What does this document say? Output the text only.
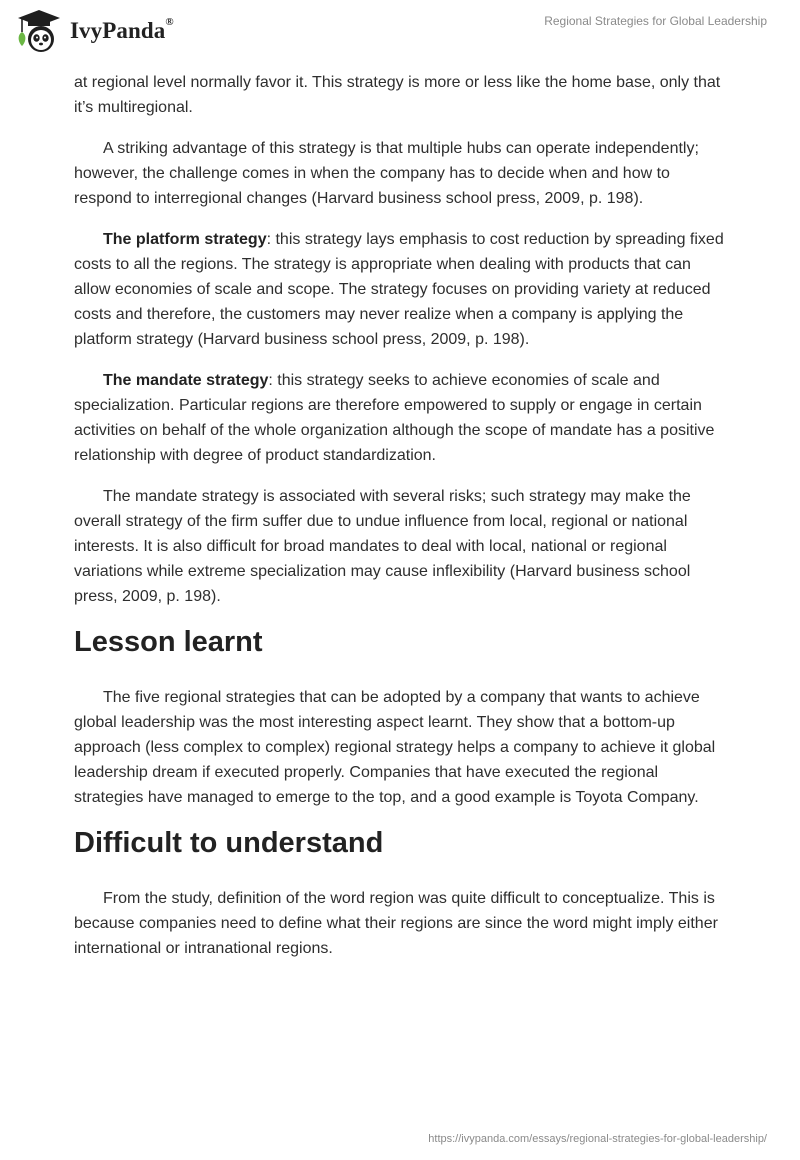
IvyPanda®	Regional Strategies for Global Leadership

at regional level normally favor it. This strategy is more or less like the home base, only that it’s multiregional.

A striking advantage of this strategy is that multiple hubs can operate independently; however, the challenge comes in when the company has to decide when and how to respond to interregional changes (Harvard business school press, 2009, p. 198).

The platform strategy: this strategy lays emphasis to cost reduction by spreading fixed costs to all the regions. The strategy is appropriate when dealing with products that can allow economies of scale and scope. The strategy focuses on providing variety at reduced costs and therefore, the customers may never realize when a company is applying the platform strategy (Harvard business school press, 2009, p. 198).

The mandate strategy: this strategy seeks to achieve economies of scale and specialization. Particular regions are therefore empowered to supply or engage in certain activities on behalf of the whole organization although the scope of mandate has a positive relationship with degree of product standardization.

The mandate strategy is associated with several risks; such strategy may make the overall strategy of the firm suffer due to undue influence from local, regional or national interests. It is also difficult for broad mandates to deal with local, national or regional variations while extreme specialization may cause inflexibility (Harvard business school press, 2009, p. 198).

Lesson learnt

The five regional strategies that can be adopted by a company that wants to achieve global leadership was the most interesting aspect learnt. They show that a bottom-up approach (less complex to complex) regional strategy helps a company to achieve it global leadership dream if executed properly. Companies that have executed the regional strategies have managed to emerge to the top, and a good example is Toyota Company.

Difficult to understand

From the study, definition of the word region was quite difficult to conceptualize. This is because companies need to define what their regions are since the word might imply either international or intranational regions.

https://ivypanda.com/essays/regional-strategies-for-global-leadership/
